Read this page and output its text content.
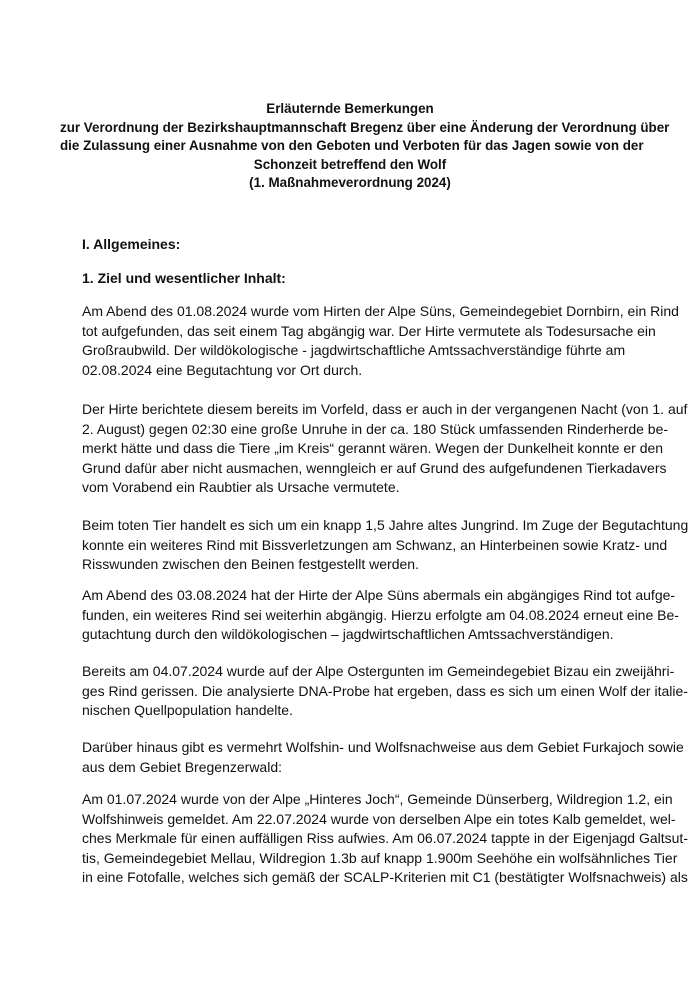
Erläuternde Bemerkungen
zur Verordnung der Bezirkshauptmannschaft Bregenz über eine Änderung der Verordnung über
die Zulassung einer Ausnahme von den Geboten und Verboten für das Jagen sowie von der
Schonzeit betreffend den Wolf
(1. Maßnahmeverordnung 2024)
I. Allgemeines:
1. Ziel und wesentlicher Inhalt:
Am Abend des 01.08.2024 wurde vom Hirten der Alpe Süns, Gemeindegebiet Dornbirn, ein Rind
tot aufgefunden, das seit einem Tag abgängig war. Der Hirte vermutete als Todesursache ein
Großraubwild. Der wildökologische - jagdwirtschaftliche Amtssachverständige führte am
02.08.2024 eine Begutachtung vor Ort durch.
Der Hirte berichtete diesem bereits im Vorfeld, dass er auch in der vergangenen Nacht (von 1. auf
2. August) gegen 02:30 eine große Unruhe in der ca. 180 Stück umfassenden Rinderherde be-
merkt hätte und dass die Tiere „im Kreis“ gerannt wären. Wegen der Dunkelheit konnte er den
Grund dafür aber nicht ausmachen, wenngleich er auf Grund des aufgefundenen Tierkadavers
vom Vorabend ein Raubtier als Ursache vermutete.
Beim toten Tier handelt es sich um ein knapp 1,5 Jahre altes Jungrind. Im Zuge der Begutachtung
konnte ein weiteres Rind mit Bissverletzungen am Schwanz, an Hinterbeinen sowie Kratz- und
Risswunden zwischen den Beinen festgestellt werden.
Am Abend des 03.08.2024 hat der Hirte der Alpe Süns abermals ein abgängiges Rind tot aufge-
funden, ein weiteres Rind sei weiterhin abgängig. Hierzu erfolgte am 04.08.2024 erneut eine Be-
gutachtung durch den wildökologischen – jagdwirtschaftlichen Amtssachverständigen.
Bereits am 04.07.2024 wurde auf der Alpe Ostergunten im Gemeindegebiet Bizau ein zweijähri-
ges Rind gerissen. Die analysierte DNA-Probe hat ergeben, dass es sich um einen Wolf der italie-
nischen Quellpopulation handelte.
Darüber hinaus gibt es vermehrt Wolfshin- und Wolfsnachweise aus dem Gebiet Furkajoch sowie
aus dem Gebiet Bregenzerwald:
Am 01.07.2024 wurde von der Alpe „Hinteres Joch“, Gemeinde Dünserberg, Wildregion 1.2, ein
Wolfshinweis gemeldet. Am 22.07.2024 wurde von derselben Alpe ein totes Kalb gemeldet, wel-
ches Merkmale für einen auffälligen Riss aufwies. Am 06.07.2024 tappte in der Eigenjagd Galtsut-
tis, Gemeindegebiet Mellau, Wildregion 1.3b auf knapp 1.900m Seehöhe ein wolfsähnliches Tier
in eine Fotofalle, welches sich gemäß der SCALP-Kriterien mit C1 (bestätigter Wolfsnachweis) als
